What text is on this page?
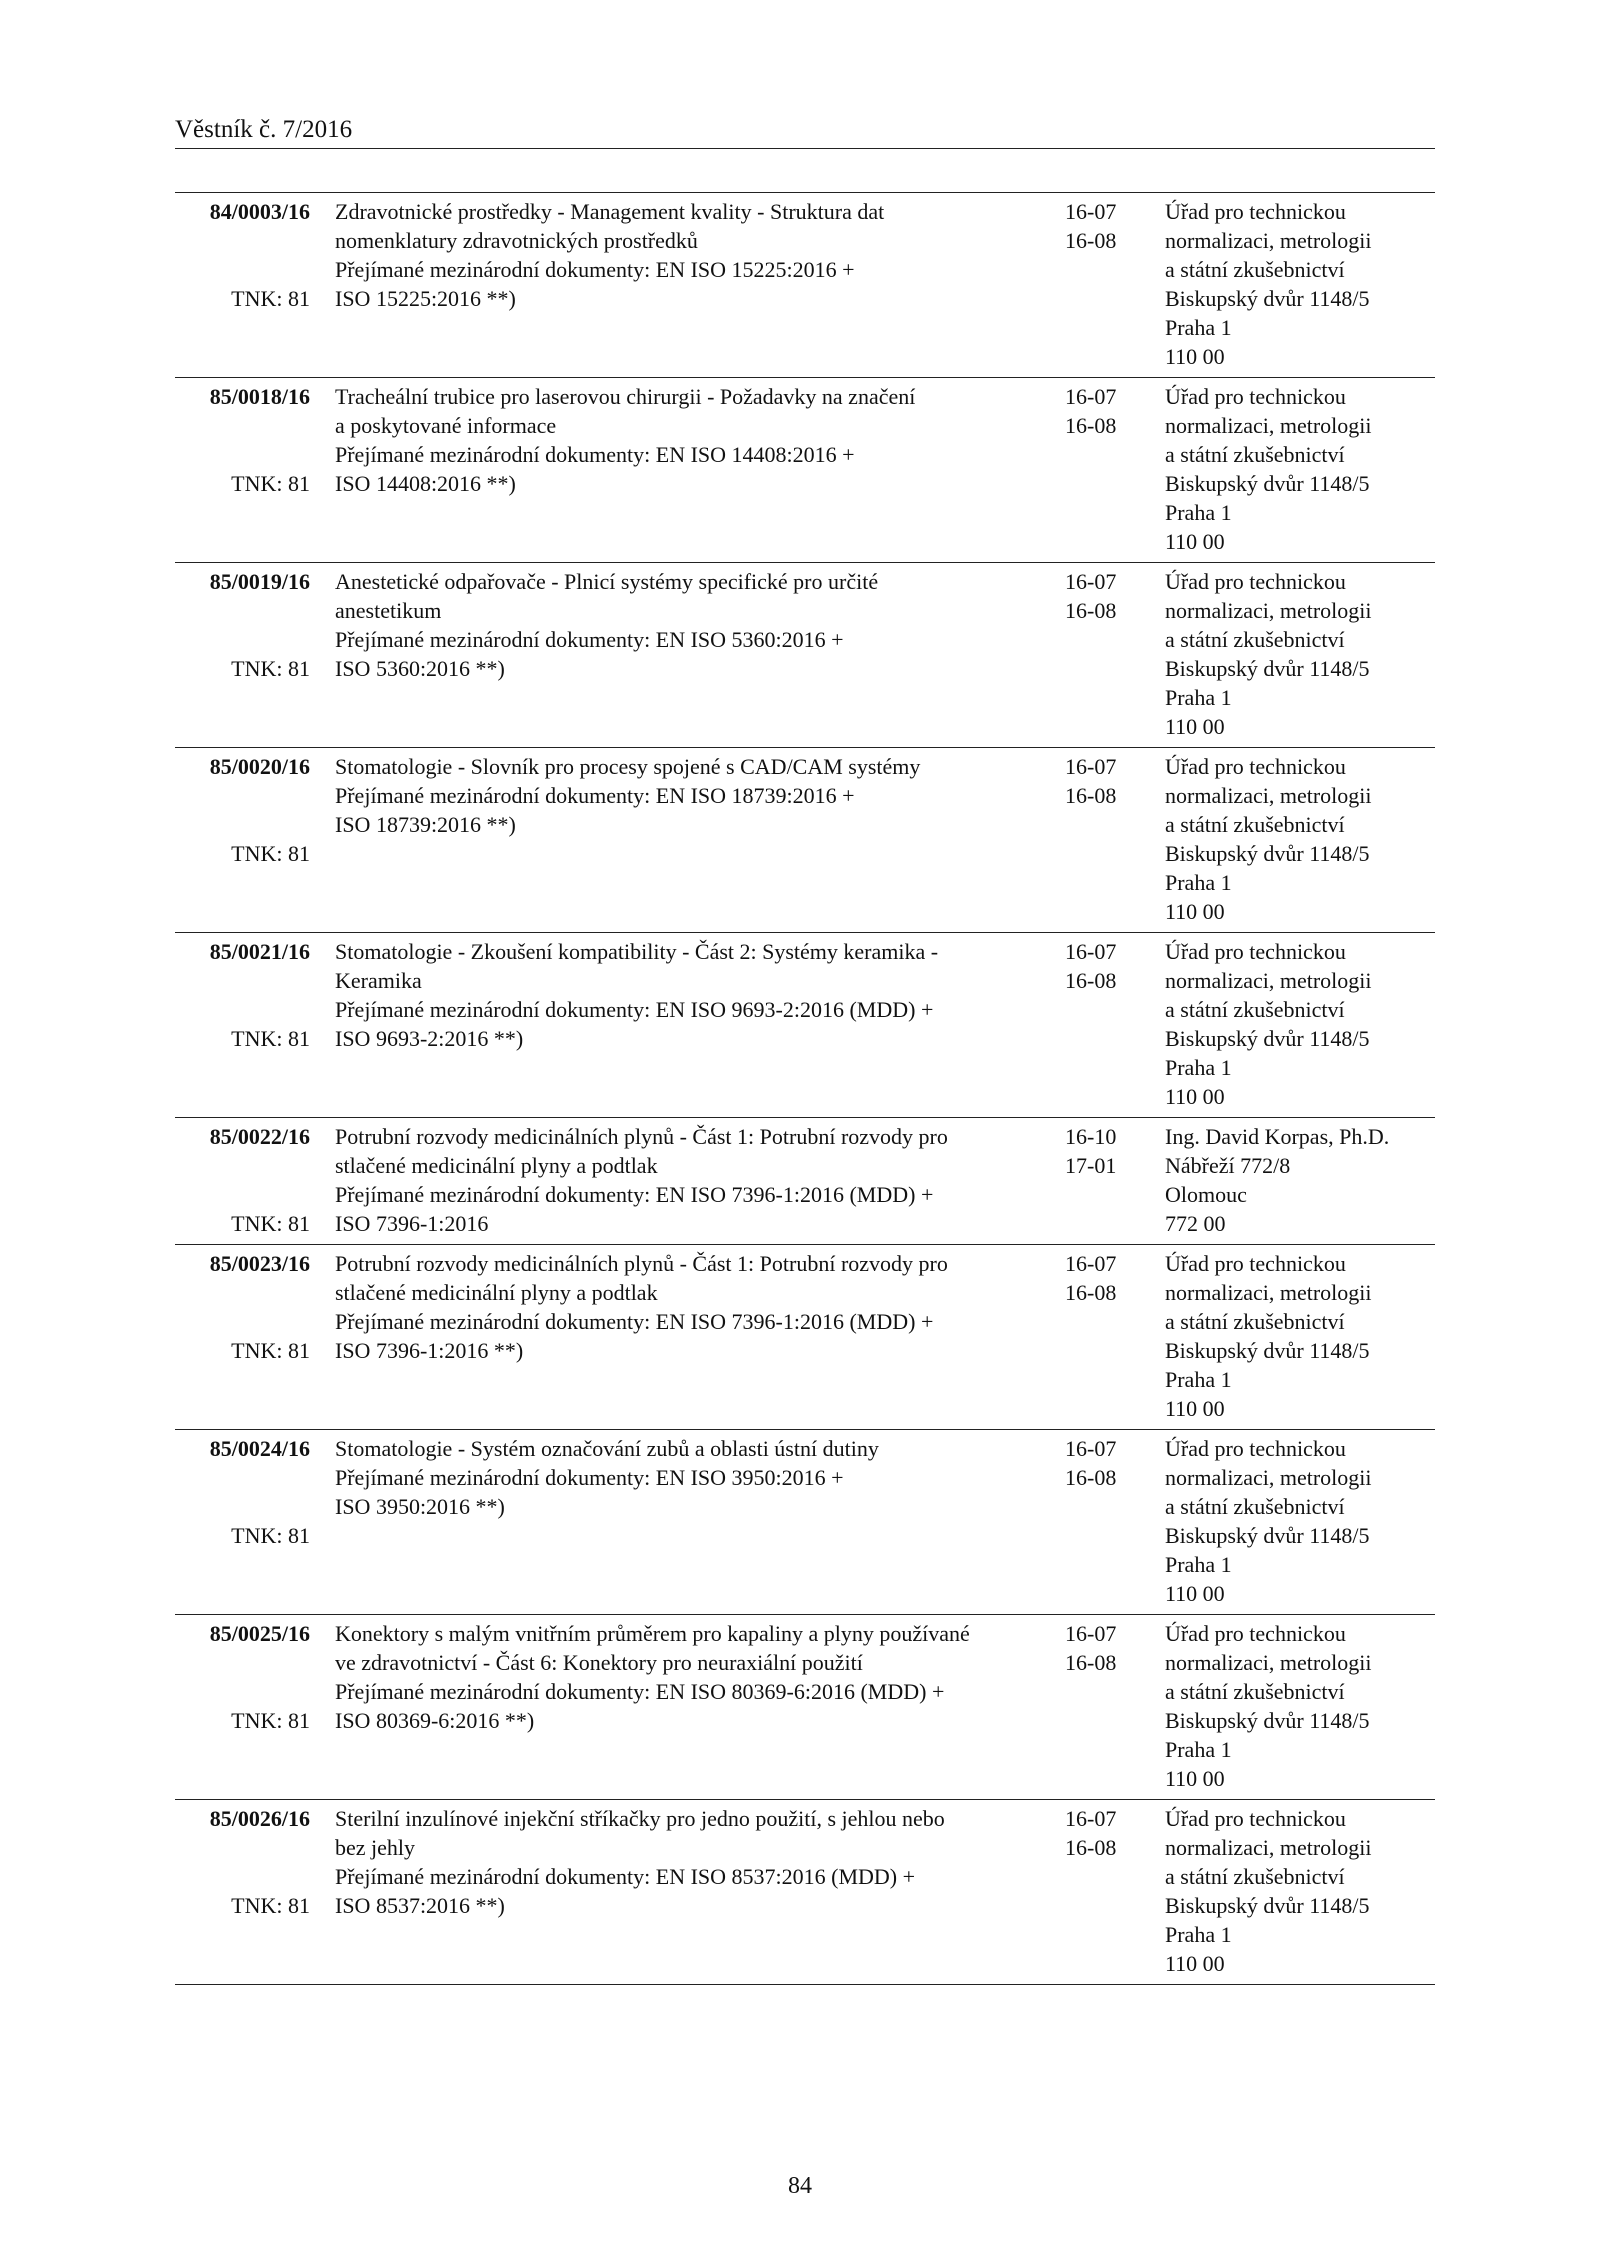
Věstník č. 7/2016
84/0003/16
TNK: 81
Zdravotnické prostředky - Management kvality - Struktura dat
nomenklatury zdravotnických prostředků
Přejímané mezinárodní dokumenty: EN ISO 15225:2016 +
ISO 15225:2016 **)
16-07
16-08
Úřad pro technickou
normalizaci, metrologii
a státní zkušebnictví
Biskupský dvůr 1148/5
Praha 1
110 00
85/0018/16
TNK: 81
Tracheální trubice pro laserovou chirurgii - Požadavky na značení
a poskytované informace
Přejímané mezinárodní dokumenty: EN ISO 14408:2016 +
ISO 14408:2016 **)
16-07
16-08
Úřad pro technickou
normalizaci, metrologii
a státní zkušebnictví
Biskupský dvůr 1148/5
Praha 1
110 00
85/0019/16
TNK: 81
Anestetické odpařovače - Plnicí systémy specifické pro určité
anestetikum
Přejímané mezinárodní dokumenty: EN ISO 5360:2016 +
ISO 5360:2016 **)
16-07
16-08
Úřad pro technickou
normalizaci, metrologii
a státní zkušebnictví
Biskupský dvůr 1148/5
Praha 1
110 00
85/0020/16
TNK: 81
Stomatologie - Slovník pro procesy spojené s CAD/CAM systémy
Přejímané mezinárodní dokumenty: EN ISO 18739:2016 +
ISO 18739:2016 **)
16-07
16-08
Úřad pro technickou
normalizaci, metrologii
a státní zkušebnictví
Biskupský dvůr 1148/5
Praha 1
110 00
85/0021/16
TNK: 81
Stomatologie - Zkoušení kompatibility - Část 2: Systémy keramika -
Keramika
Přejímané mezinárodní dokumenty: EN ISO 9693-2:2016 (MDD) +
ISO 9693-2:2016 **)
16-07
16-08
Úřad pro technickou
normalizaci, metrologii
a státní zkušebnictví
Biskupský dvůr 1148/5
Praha 1
110 00
85/0022/16
TNK: 81
Potrubní rozvody medicinálních plynů - Část 1: Potrubní rozvody pro
stlačené medicinální plyny a podtlak
Přejímané mezinárodní dokumenty: EN ISO 7396-1:2016 (MDD) +
ISO 7396-1:2016
16-10
17-01
Ing. David Korpas, Ph.D.
Nábřeží 772/8
Olomouc
772 00
85/0023/16
TNK: 81
Potrubní rozvody medicinálních plynů - Část 1: Potrubní rozvody pro
stlačené medicinální plyny a podtlak
Přejímané mezinárodní dokumenty: EN ISO 7396-1:2016 (MDD) +
ISO 7396-1:2016 **)
16-07
16-08
Úřad pro technickou
normalizaci, metrologii
a státní zkušebnictví
Biskupský dvůr 1148/5
Praha 1
110 00
85/0024/16
TNK: 81
Stomatologie - Systém označování zubů a oblasti ústní dutiny
Přejímané mezinárodní dokumenty: EN ISO 3950:2016 +
ISO 3950:2016 **)
16-07
16-08
Úřad pro technickou
normalizaci, metrologii
a státní zkušebnictví
Biskupský dvůr 1148/5
Praha 1
110 00
85/0025/16
TNK: 81
Konektory s malým vnitřním průměrem pro kapaliny a plyny používané
ve zdravotnictví - Část 6: Konektory pro neuraxiální použití
Přejímané mezinárodní dokumenty: EN ISO 80369-6:2016 (MDD) +
ISO 80369-6:2016 **)
16-07
16-08
Úřad pro technickou
normalizaci, metrologii
a státní zkušebnictví
Biskupský dvůr 1148/5
Praha 1
110 00
85/0026/16
TNK: 81
Sterilní inzulínové injekční stříkačky pro jedno použití, s jehlou nebo
bez jehly
Přejímané mezinárodní dokumenty: EN ISO 8537:2016 (MDD) +
ISO 8537:2016 **)
16-07
16-08
Úřad pro technickou
normalizaci, metrologii
a státní zkušebnictví
Biskupský dvůr 1148/5
Praha 1
110 00
84
